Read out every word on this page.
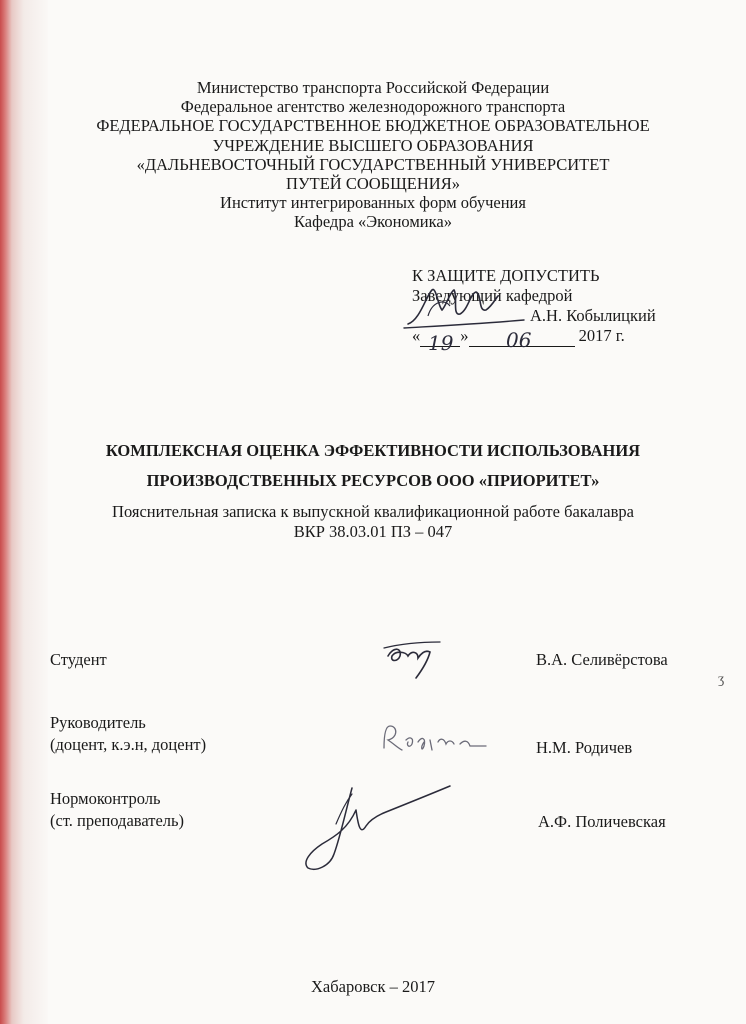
Министерство транспорта Российской Федерации
Федеральное агентство железнодорожного транспорта
ФЕДЕРАЛЬНОЕ ГОСУДАРСТВЕННОЕ БЮДЖЕТНОЕ ОБРАЗОВАТЕЛЬНОЕ
УЧРЕЖДЕНИЕ ВЫСШЕГО ОБРАЗОВАНИЯ
«ДАЛЬНЕВОСТОЧНЫЙ ГОСУДАРСТВЕННЫЙ УНИВЕРСИТЕТ
ПУТЕЙ СООБЩЕНИЯ»
Институт интегрированных форм обучения
Кафедра «Экономика»
К ЗАЩИТЕ ДОПУСТИТЬ
Заведующий кафедрой
А.Н. Кобылицкий
« »	2017 г.
19	06
КОМПЛЕКСНАЯ ОЦЕНКА ЭФФЕКТИВНОСТИ ИСПОЛЬЗОВАНИЯ
ПРОИЗВОДСТВЕННЫХ РЕСУРСОВ ООО «ПРИОРИТЕТ»
Пояснительная записка к выпускной квалификационной работе бакалавра
ВКР 38.03.01 ПЗ – 047
Студент	В.А. Селивёрстова
Руководитель
(доцент, к.э.н, доцент)	Н.М. Родичев
Нормоконтроль
(ст. преподаватель)	А.Ф. Поличевская
ʒ
Хабаровск – 2017
